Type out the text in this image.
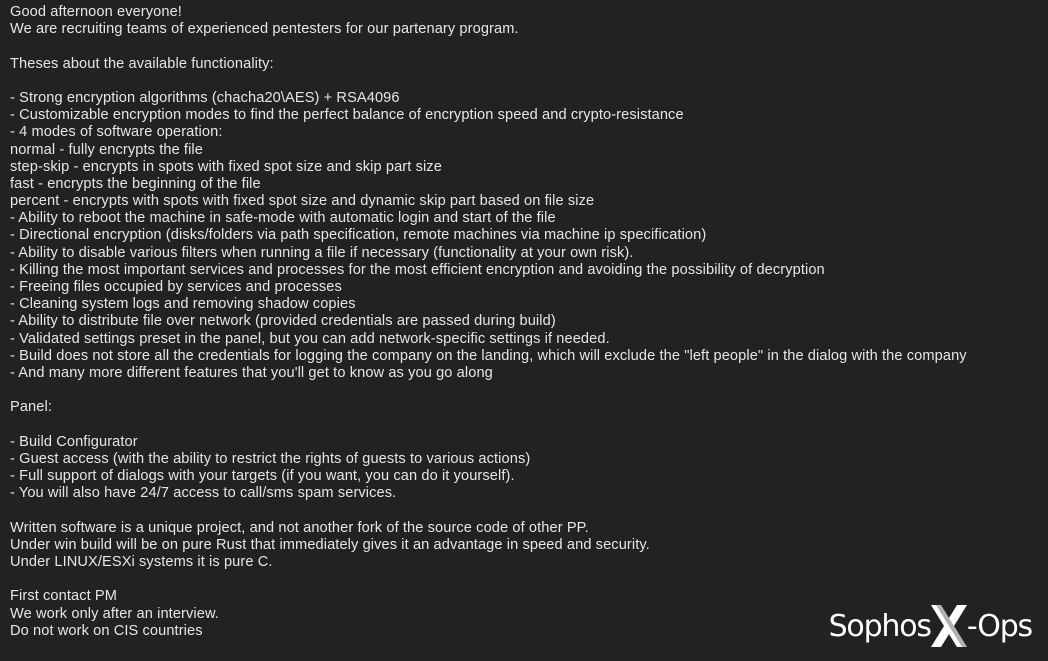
Good afternoon everyone!
We are recruiting teams of experienced pentesters for our partenary program.
Theses about the available functionality:
- Strong encryption algorithms (chacha20\AES) + RSA4096
- Customizable encryption modes to find the perfect balance of encryption speed and crypto-resistance
- 4 modes of software operation:
normal - fully encrypts the file
step-skip - encrypts in spots with fixed spot size and skip part size
fast - encrypts the beginning of the file
percent - encrypts with spots with fixed spot size and dynamic skip part based on file size
- Ability to reboot the machine in safe-mode with automatic login and start of the file
- Directional encryption (disks/folders via path specification, remote machines via machine ip specification)
- Ability to disable various filters when running a file if necessary (functionality at your own risk).
- Killing the most important services and processes for the most efficient encryption and avoiding the possibility of decryption
- Freeing files occupied by services and processes
- Cleaning system logs and removing shadow copies
- Ability to distribute file over network (provided credentials are passed during build)
- Validated settings preset in the panel, but you can add network-specific settings if needed.
- Build does not store all the credentials for logging the company on the landing, which will exclude the "left people" in the dialog with the company
- And many more different features that you'll get to know as you go along
Panel:
- Build Configurator
- Guest access (with the ability to restrict the rights of guests to various actions)
- Full support of dialogs with your targets (if you want, you can do it yourself).
- You will also have 24/7 access to call/sms spam services.
Written software is a unique project, and not another fork of the source code of other PP.
Under win build will be on pure Rust that immediately gives it an advantage in speed and security.
Under LINUX/ESXi systems it is pure C.
First contact PM
We work only after an interview.
Do not work on CIS countries	Sophos -Ops
